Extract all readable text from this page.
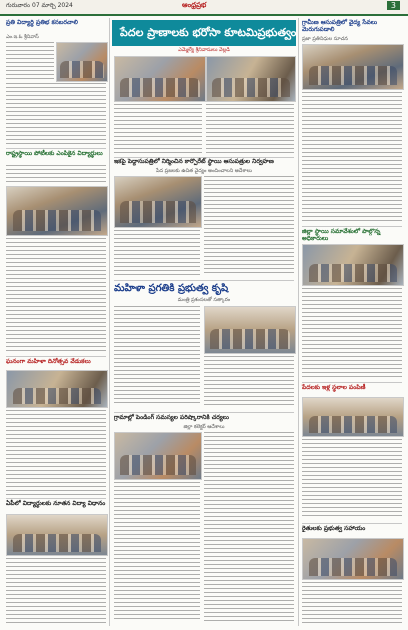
గురువారం 07 మార్చి 2024	ఆంధ్రప్రభ	3
ప్రతి విద్యార్థి ప్రతిభ కనబరచాలి
ఎం.ఇ.ఓ శ్రీనివాస్
రాష్ట్రస్థాయి పోటీలకు ఎంపికైన విద్యార్థులు
ఘనంగా మహిళా దినోత్సవ వేడుకలు
ఏపీలో విద్యార్థులకు నూతన విద్యా విధానం
పేదల ప్రాణాలకు భరోసా కూటమిప్రభుత్వం
ఎమ్మెల్యే శ్రీనివాసులు వెల్లడి
ఇకపై పెద్దాసుపత్రిలో నిర్మించిన కార్పొరేట్ స్థాయి ఆసుపత్రుల నిర్వహణ
పేద ప్రజలకు ఉచిత వైద్యం అందించాలని ఆదేశాలు
మహిళా ప్రగతికి ప్రభుత్వ కృషి
మంత్రి ప్రశంసలతో సత్కారం
గ్రామాల్లో పెండింగ్ సమస్యల పరిష్కారానికి చర్యలు
జిల్లా కలెక్టర్ ఆదేశాలు
గ్రామీణ ఆసుపత్రిలో వైద్య సేవలు మెరుగుపడాలి
ప్రజా ప్రతినిధుల సూచన
జిల్లా స్థాయి సమావేశంలో పాల్గొన్న అధికారులు
పేదలకు ఇళ్ల స్థలాల పంపిణీ
రైతులకు ప్రభుత్వ సహాయం
